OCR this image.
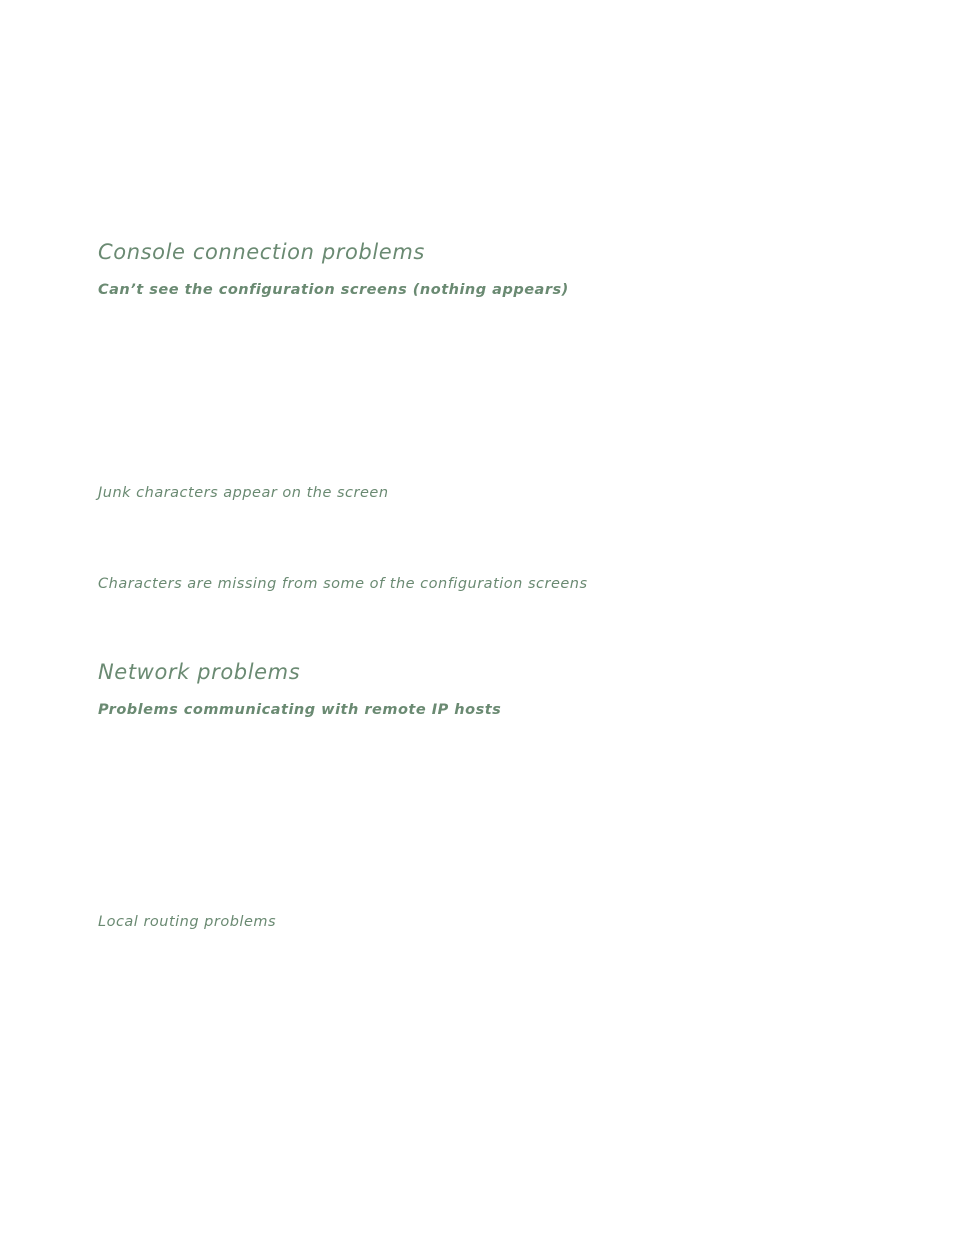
Console connection problems
Can’t see the configuration screens (nothing appears)
Junk characters appear on the screen
Characters are missing from some of the configuration screens
Network problems
Problems communicating with remote IP hosts
Local routing problems
